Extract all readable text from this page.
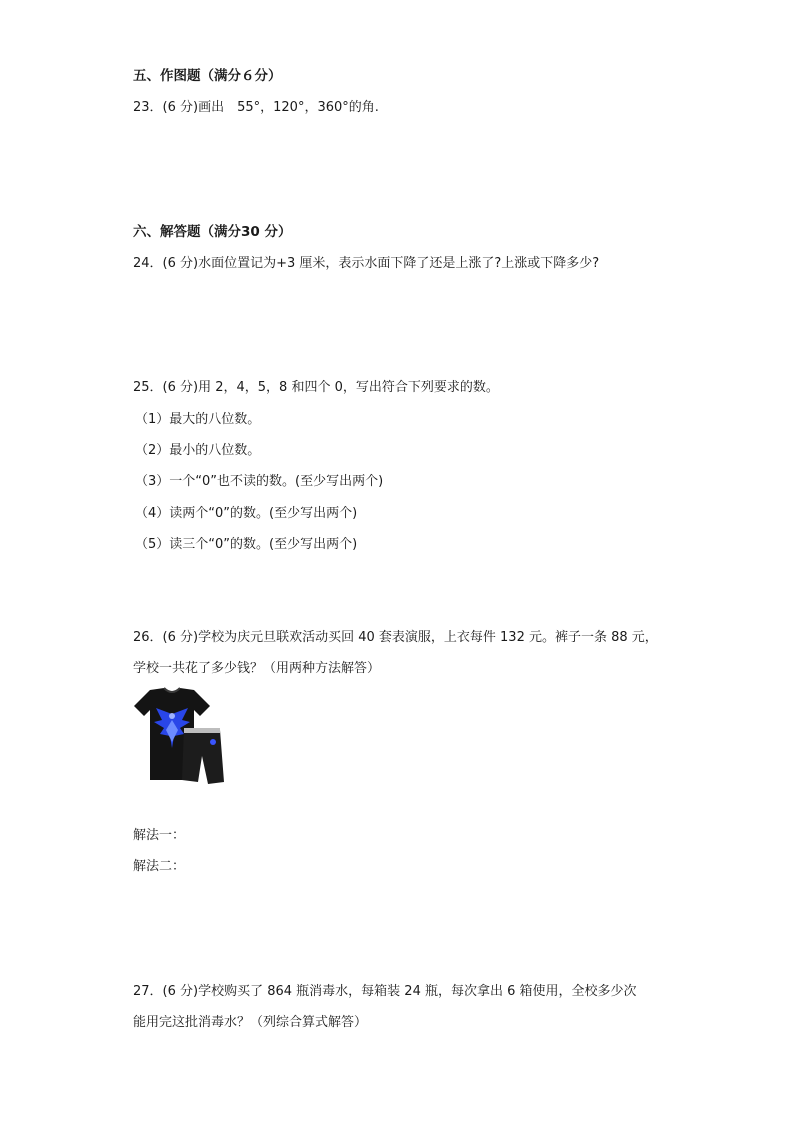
五、作图题（满分６分）
23．(6 分)画出　55°，120°，360°的角.
六、解答题（满分30 分）
24．(6 分)水面位置记为+3 厘米，表示水面下降了还是上涨了?上涨或下降多少?
25．(6 分)用 2，4，5，8 和四个 0，写出符合下列要求的数。
（1）最大的八位数。
（2）最小的八位数。
（3）一个“0”也不读的数。(至少写出两个)
（4）读两个“0”的数。(至少写出两个)
（5）读三个“0”的数。(至少写出两个)
26．(6 分)学校为庆元旦联欢活动买回 40 套表演服，上衣每件 132 元。裤子一条 88 元，
学校一共花了多少钱？（用两种方法解答）
解法一：
解法二：
27．(6 分)学校购买了 864 瓶消毒水，每箱装 24 瓶，每次拿出 6 箱使用，全校多少次
能用完这批消毒水？（列综合算式解答）
